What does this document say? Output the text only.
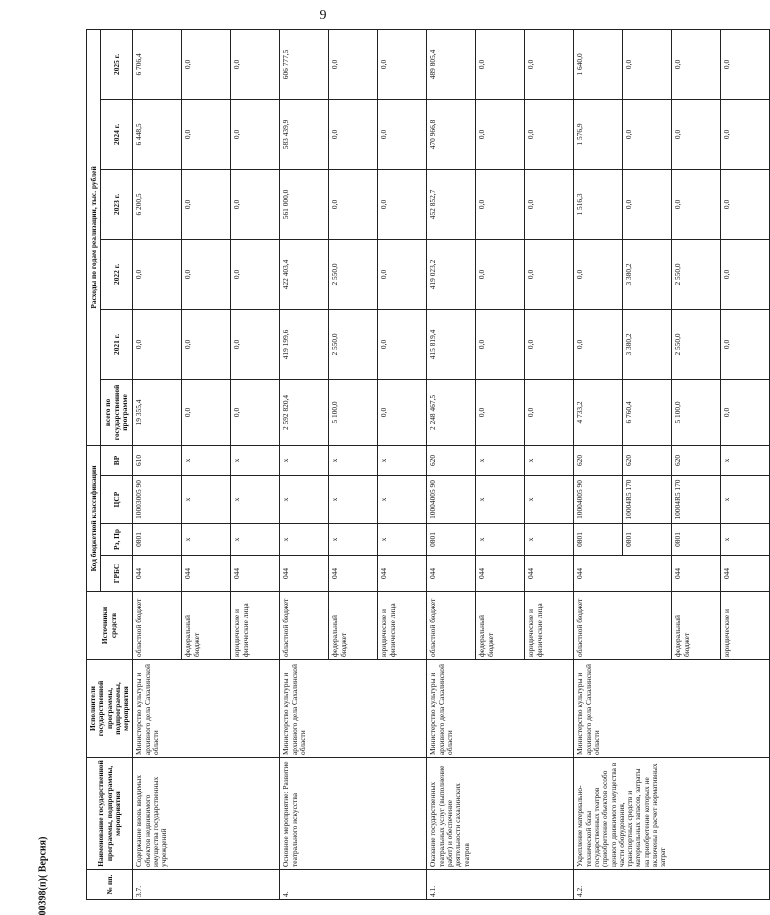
9
№ пп.	Наименование государственной программы, подпрограммы, мероприятия	Исполнители государственной программы, подпрограммы, мероприятия	Источники средств	Код бюджетной классификации				Расходы по годам реализации, тыс. рублей					
				ГРБС	Рз, Пр	ЦСР	ВР	всего по государственной программе	2021 г.	2022 г.	2023 г.	2024 г.	2025 г.
3.7.	Содержание вновь вводимых объектов недвижимого имущества государственных учреждений	Министерство культуры и архивного дела Сахалинской области	областной бюджет	044	0801	10003005 90	610	19 355,4	0,0	0,0	6 200,5	6 448,5	6 706,4
			федеральный бюджет	044	x	x	x	0,0	0,0	0,0	0,0	0,0	0,0
			юридические и физические лица	044	x	x	x	0,0	0,0	0,0	0,0	0,0	0,0
4.	Основное мероприятие: Развитие театрального искусства	Министерство культуры и архивного дела Сахалинской области	областной бюджет	044	x	x	x	2 592 820,4	419 199,6	422 403,4	561 000,0	583 439,9	606 777,5
			федеральный бюджет	044	x	x	x	5 100,0	2 550,0	2 550,0	0,0	0,0	0,0
			юридические и физические лица	044	x	x	x	0,0	0,0	0,0	0,0	0,0	0,0
4.1.	Оказание государственных театральных услуг (выполнение работ) и обеспечение деятельности сахалинских театров	Министерство культуры и архивного дела Сахалинской области	областной бюджет	044	0801	10004005 90	620	2 248 467,5	415 819,4	419 023,2	452 852,7	470 966,8	489 805,4
			федеральный бюджет	044	x	x	x	0,0	0,0	0,0	0,0	0,0	0,0
			юридические и физические лица	044	x	x	x	0,0	0,0	0,0	0,0	0,0	0,0
4.2.	Укрепление материально-технической базы государственных театров (приобретение объектов особо ценного движимого имущества в части оборудования, транспортных средств и материальных запасов, затраты на приобретение которых не включены в расчет нормативных затрат	Министерство культуры и архивного дела Сахалинской области	областной бюджет	044	0801	10004005 90	620	4 733,2	0,0	0,0	1 516,3	1 576,9	1 640,0
					0801	10004R5 170	620	6 760,4	3 380,2	3 380,2	0,0	0,0	0,0
			федеральный бюджет	044	0801	10004R5 170	620	5 100,0	2 550,0	2 550,0	0,0	0,0	0,0
			юридические и	044	x	x	x	0,0	0,0	0,0	0,0	0,0	0,0
00398(п)( Версия)
